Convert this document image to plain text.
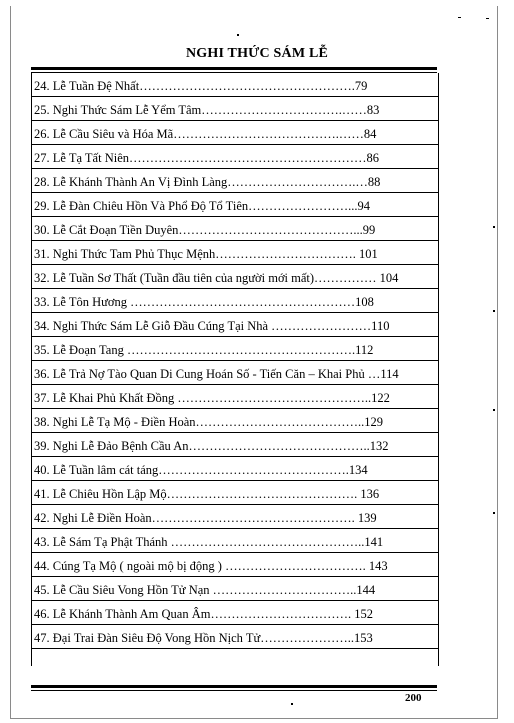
NGHI THỨC SÁM LỄ
24. Lễ Tuần Đệ Nhất…………………………………………….79
25. Nghi Thức Sám Lễ Yểm Tâm…………………………….……83
26. Lễ Cầu Siêu và Hóa Mã………………………………….……84
27. Lễ Tạ Tất Niên…………………………………………………86
28. Lễ Khánh Thành An Vị Đình Làng………………………….…88
29. Lễ Đàn Chiêu Hồn Và Phổ Độ Tổ Tiên……………………...94
30. Lễ Cắt Đoạn Tiền Duyên……………………………………...99
31. Nghi Thức Tam Phủ Thục Mệnh……………………………. 101
32. Lễ Tuần Sơ Thất (Tuần đầu tiên của người mới mất)…………… 104
33. Lễ Tôn Hương ………………………………………………108
34. Nghi Thức Sám Lễ Giỗ Đầu Cúng Tại Nhà ……………………110
35. Lễ Đoạn Tang ……………………………………………….112
36. Lễ Trả Nợ Tào Quan Di Cung Hoán Số - Tiến Căn – Khai Phủ …114
37. Lễ Khai Phủ Khất Đồng ………………………………………..122
38. Nghi Lễ Tạ Mộ - Điền Hoàn…………………………………..129
39. Nghi Lễ Đảo Bệnh Cầu An……………………………………..132
40. Lễ Tuần lâm cát táng……………………………………….134
41. Lễ Chiêu Hồn Lập Mộ………………………………………. 136
42. Nghi Lễ Điền Hoàn…………………………………………. 139
43. Lễ Sám Tạ Phật Thánh ………………………………………..141
44. Cúng Tạ Mộ ( ngoài mộ bị động ) ……………………………. 143
45. Lễ Cầu Siêu Vong Hồn Tử Nạn ……………………………..144
46. Lễ Khánh Thành Am Quan Âm……………………………. 152
47. Đại Trai Đàn Siêu Độ Vong Hồn Nịch Tử…………………..153
200
